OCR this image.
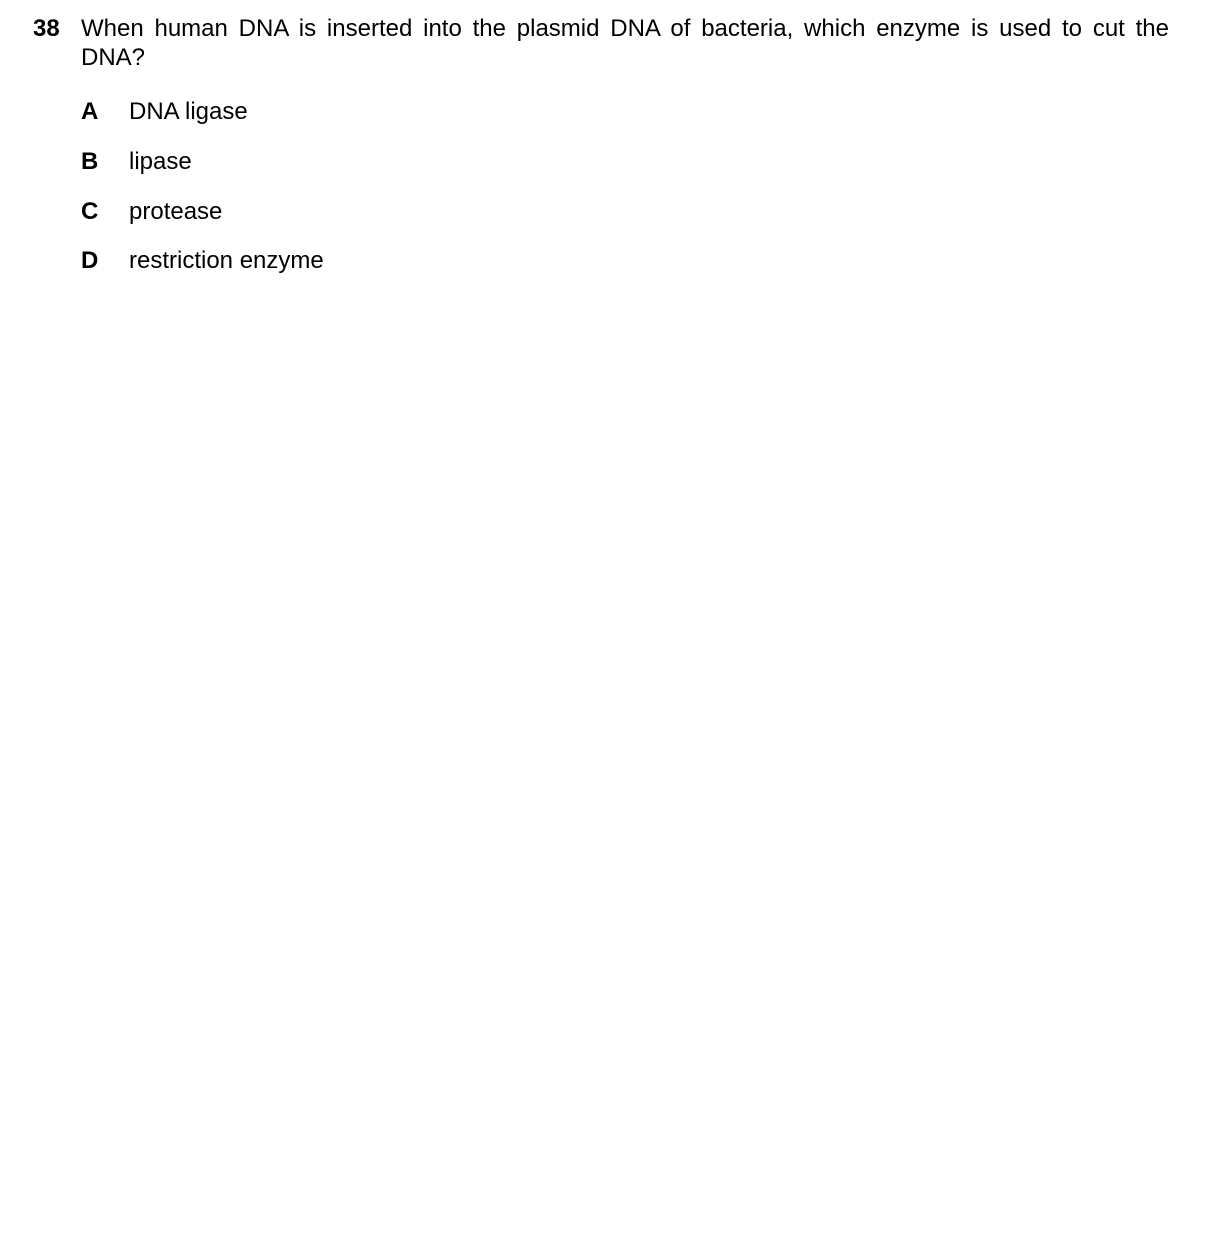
38 When human DNA is inserted into the plasmid DNA of bacteria, which enzyme is used to cut the DNA?
A DNA ligase
B lipase
C protease
D restriction enzyme
